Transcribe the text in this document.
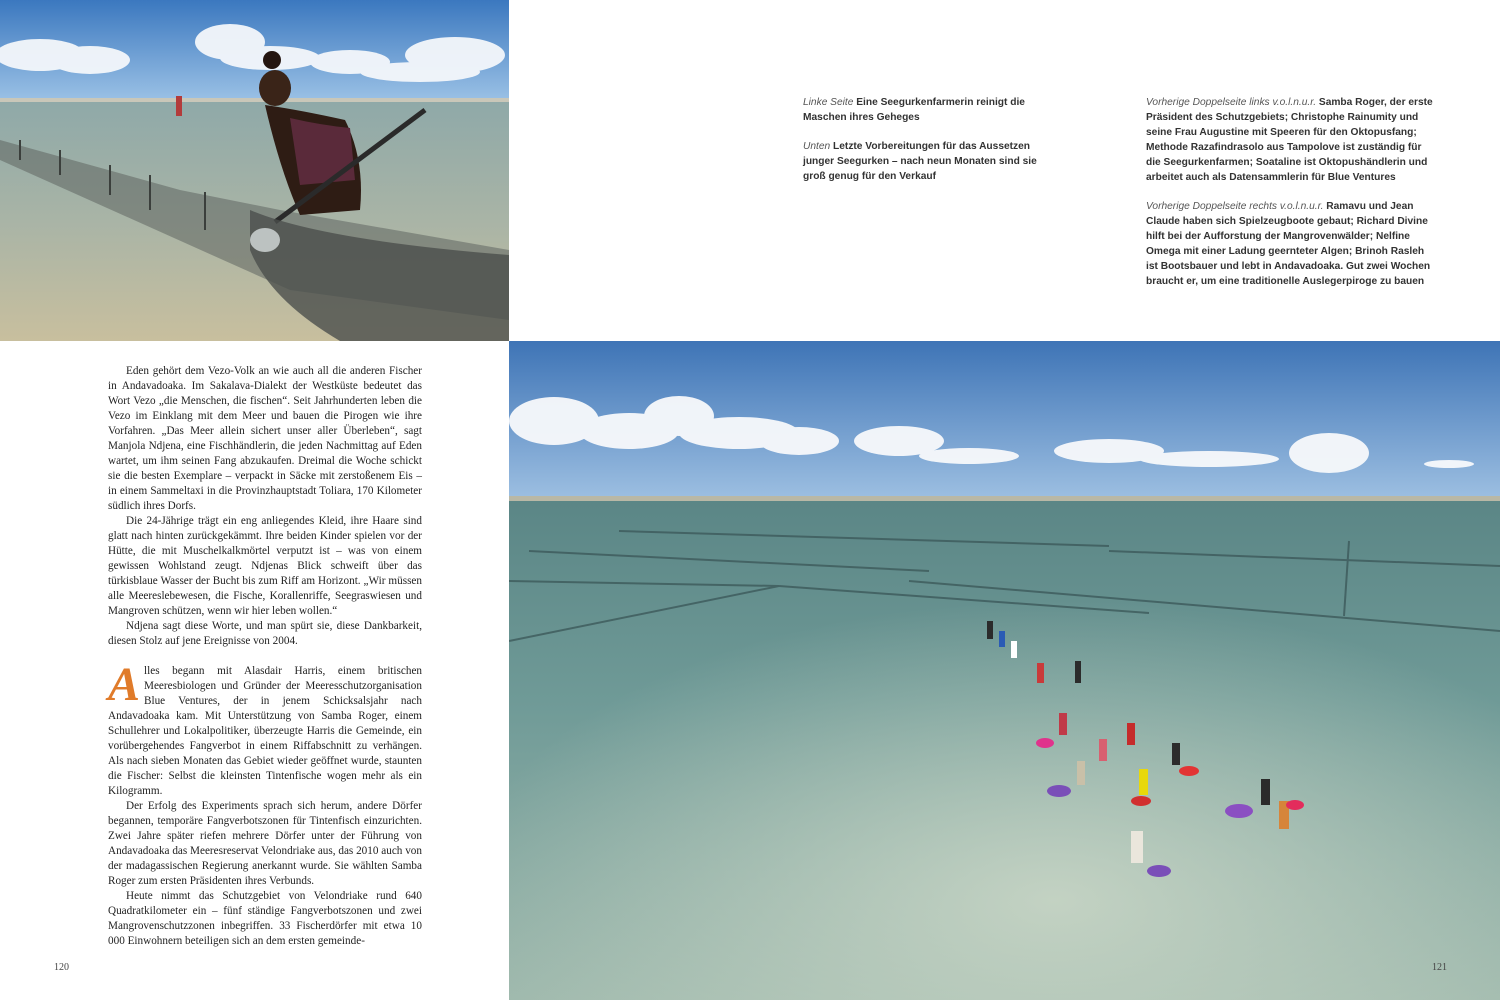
Eden gehört dem Vezo-Volk an wie auch all die anderen Fischer in Andavadoaka. Im Sakalava-Dialekt der Westküste bedeutet das Wort Vezo „die Menschen, die fischen“. Seit Jahrhunderten leben die Vezo im Einklang mit dem Meer und bauen die Pirogen wie ihre Vorfahren. „Das Meer allein sichert unser aller Überleben“, sagt Manjola Ndjena, eine Fischhändlerin, die jeden Nachmittag auf Eden wartet, um ihm seinen Fang abzukaufen. Dreimal die Woche schickt sie die besten Exemplare – verpackt in Säcke mit zerstoßenem Eis – in einem Sammeltaxi in die Provinzhauptstadt Toliara, 170 Kilometer südlich ihres Dorfs.

Die 24-Jährige trägt ein eng anliegendes Kleid, ihre Haare sind glatt nach hinten zurückgekämmt. Ihre beiden Kinder spielen vor der Hütte, die mit Muschelkalkmörtel verputzt ist – was von einem gewissen Wohlstand zeugt. Ndjenas Blick schweift über das türkisblaue Wasser der Bucht bis zum Riff am Horizont. „Wir müssen alle Meereslebewesen, die Fische, Korallenriffe, Seegraswiesen und Mangroven schützen, wenn wir hier leben wollen.“

Ndjena sagt diese Worte, und man spürt sie, diese Dankbarkeit, diesen Stolz auf jene Ereignisse von 2004.

Alles begann mit Alasdair Harris, einem britischen Meeresbiologen und Gründer der Meeresschutzorganisation Blue Ventures, der in jenem Schicksalsjahr nach Andavadoaka kam. Mit Unterstützung von Samba Roger, einem Schullehrer und Lokalpolitiker, überzeugte Harris die Gemeinde, ein vorübergehendes Fangverbot in einem Riffabschnitt zu verhängen. Als nach sieben Monaten das Gebiet wieder geöffnet wurde, staunten die Fischer: Selbst die kleinsten Tintenfische wogen mehr als ein Kilogramm.

Der Erfolg des Experiments sprach sich herum, andere Dörfer begannen, temporäre Fangverbotszonen für Tintenfisch einzurichten. Zwei Jahre später riefen mehrere Dörfer unter der Führung von Andavadoaka das Meeresreservat Velondriake aus, das 2010 auch von der madagassischen Regierung anerkannt wurde. Sie wählten Samba Roger zum ersten Präsidenten ihres Verbunds.

Heute nimmt das Schutzgebiet von Velondriake rund 640 Quadratkilometer ein – fünf ständige Fangverbotszonen und zwei Mangrovenschutzzonen inbegriffen. 33 Fischerdörfer mit etwa 10 000 Einwohnern beteiligen sich an dem ersten gemeinde-

120

Linke Seite Eine Seegurkenfarmerin reinigt die Maschen ihres Geheges

Unten Letzte Vorbereitungen für das Aussetzen junger Seegurken – nach neun Monaten sind sie groß genug für den Verkauf

Vorherige Doppelseite links v.o.l.n.u.r. Samba Roger, der erste Präsident des Schutzgebiets; Christophe Rainumity und seine Frau Augustine mit Speeren für den Oktopusfang; Methode Razafindrasolo aus Tampolove ist zuständig für die Seegurkenfarmen; Soataline ist Oktopushändlerin und arbeitet auch als Datensammlerin für Blue Ventures

Vorherige Doppelseite rechts v.o.l.n.u.r. Ramavu und Jean Claude haben sich Spielzeugboote gebaut; Richard Divine hilft bei der Aufforstung der Mangrovenwälder; Nelfine Omega mit einer Ladung geernteter Algen; Brinoh Rasleh ist Bootsbauer und lebt in Andavadoaka. Gut zwei Wochen braucht er, um eine traditionelle Auslegerpiroge zu bauen

121
